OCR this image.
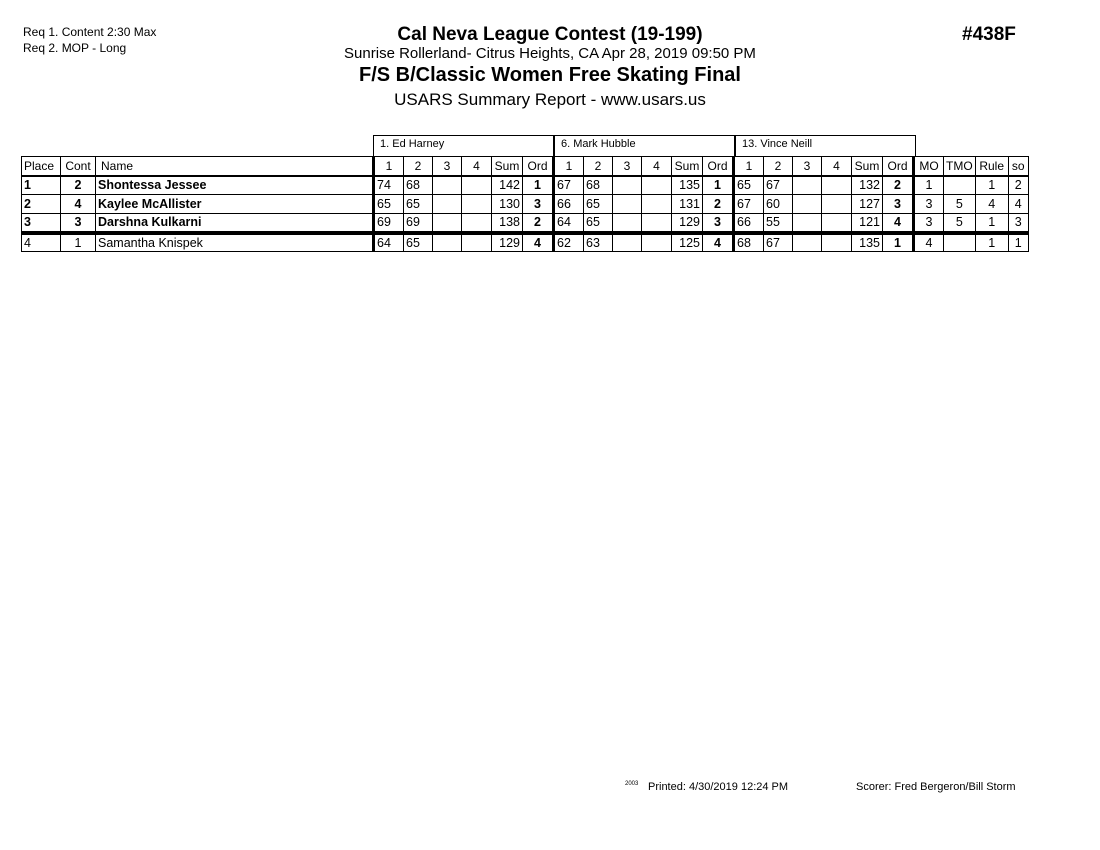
Req 1. Content 2:30 Max
Req 2. MOP - Long
Cal Neva League Contest (19-199)
Sunrise Rollerland- Citrus Heights, CA Apr 28, 2019 09:50 PM
F/S B/Classic Women Free Skating Final
USARS Summary Report - www.usars.us
#438F
1. Ed Harney	6. Mark Hubble	13. Vince Neill
Place	Cont	Name	1	2	3	4	Sum	Ord	1	2	3	4	Sum	Ord	1	2	3	4	Sum	Ord	MO	TMO	Rule	so
1	2	Shontessa Jessee	74	68			142	1	67	68			135	1	65	67			132	2	1		1	2
2	4	Kaylee McAllister	65	65			130	3	66	65			131	2	67	60			127	3	3	5	4	4
3	3	Darshna Kulkarni	69	69			138	2	64	65			129	3	66	55			121	4	3	5	1	3
4	1	Samantha Knispek	64	65			129	4	62	63			125	4	68	67			135	1	4		1	1
2003 Printed: 4/30/2019 12:24 PM	Scorer: Fred Bergeron/Bill Storm
